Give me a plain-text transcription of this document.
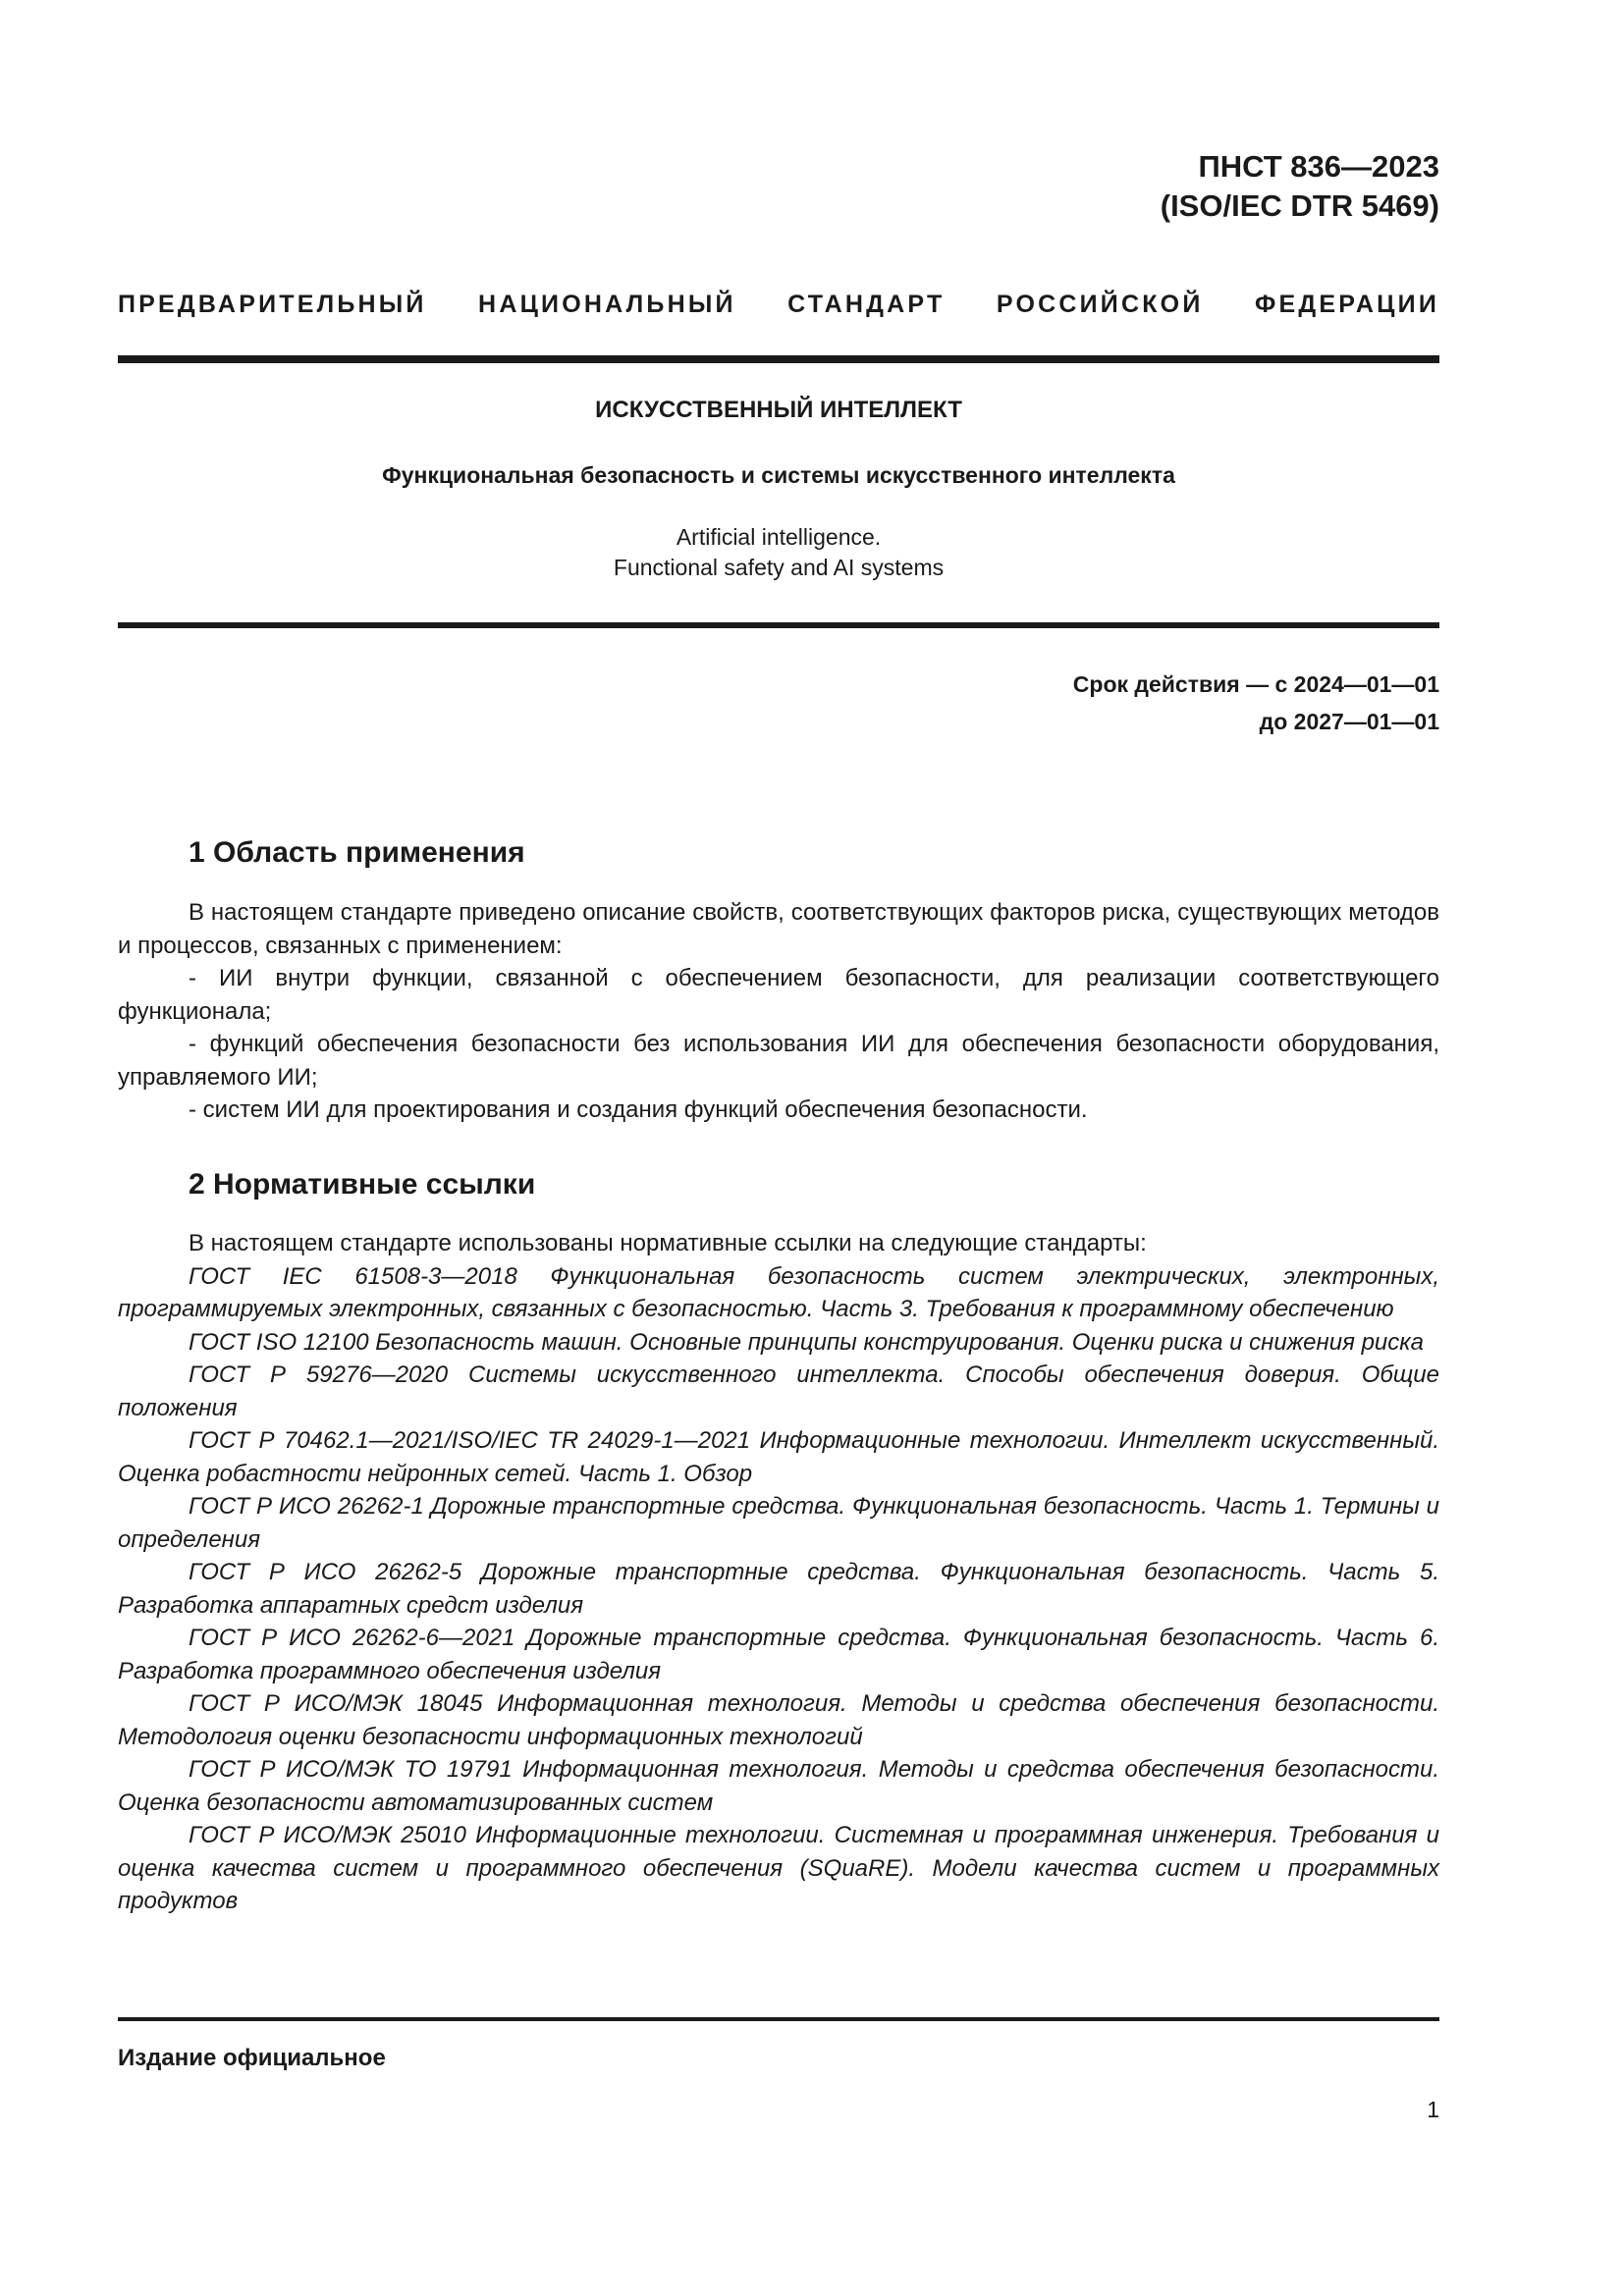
ПНСТ 836—2023
(ISO/IEC DTR 5469)
ПРЕДВАРИТЕЛЬНЫЙ НАЦИОНАЛЬНЫЙ СТАНДАРТ РОССИЙСКОЙ ФЕДЕРАЦИИ
ИСКУССТВЕННЫЙ ИНТЕЛЛЕКТ
Функциональная безопасность и системы искусственного интеллекта
Artificial intelligence.
Functional safety and AI systems
Срок действия — с 2024—01—01
до 2027—01—01
1 Область применения

В настоящем стандарте приведено описание свойств, соответствующих факторов риска, существующих методов и процессов, связанных с применением:

- ИИ внутри функции, связанной с обеспечением безопасности, для реализации соответствующего функционала;

- функций обеспечения безопасности без использования ИИ для обеспечения безопасности оборудования, управляемого ИИ;

- систем ИИ для проектирования и создания функций обеспечения безопасности.

2 Нормативные ссылки

В настоящем стандарте использованы нормативные ссылки на следующие стандарты:

ГОСТ IEC 61508-3—2018 Функциональная безопасность систем электрических, электронных, программируемых электронных, связанных с безопасностью. Часть 3. Требования к программному обеспечению

ГОСТ ISO 12100 Безопасность машин. Основные принципы конструирования. Оценки риска и снижения риска

ГОСТ Р 59276—2020 Системы искусственного интеллекта. Способы обеспечения доверия. Общие положения

ГОСТ Р 70462.1—2021/ISO/IEC TR 24029-1—2021 Информационные технологии. Интеллект искусственный. Оценка робастности нейронных сетей. Часть 1. Обзор

ГОСТ Р ИСО 26262-1 Дорожные транспортные средства. Функциональная безопасность. Часть 1. Термины и определения

ГОСТ Р ИСО 26262-5 Дорожные транспортные средства. Функциональная безопасность. Часть 5. Разработка аппаратных средст изделия

ГОСТ Р ИСО 26262-6—2021 Дорожные транспортные средства. Функциональная безопасность. Часть 6. Разработка программного обеспечения изделия

ГОСТ Р ИСО/МЭК 18045 Информационная технология. Методы и средства обеспечения безопасности. Методология оценки безопасности информационных технологий

ГОСТ Р ИСО/МЭК ТО 19791 Информационная технология. Методы и средства обеспечения безопасности. Оценка безопасности автоматизированных систем

ГОСТ Р ИСО/МЭК 25010 Информационные технологии. Системная и программная инженерия. Требования и оценка качества систем и программного обеспечения (SQuaRE). Модели качества систем и программных продуктов

Издание официальное
1
